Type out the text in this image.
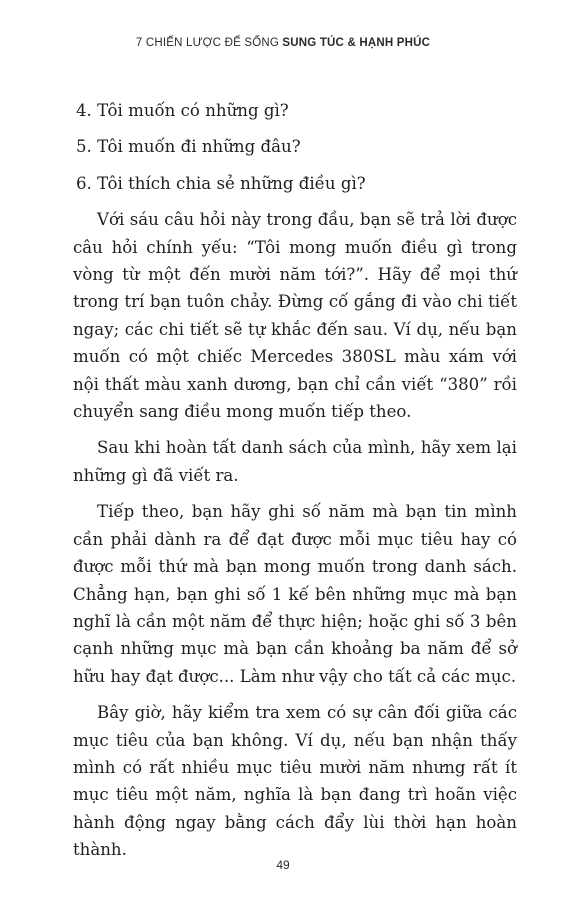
7 CHIẾN LƯỢC ĐỂ SỐNG SUNG TÚC & HẠNH PHÚC
4. Tôi muốn có những gì?
5. Tôi muốn đi những đâu?
6. Tôi thích chia sẻ những điều gì?

Với sáu câu hỏi này trong đầu, bạn sẽ trả lời được câu hỏi chính yếu: “Tôi mong muốn điều gì trong vòng từ một đến mười năm tới?”. Hãy để mọi thứ trong trí bạn tuôn chảy. Đừng cố gắng đi vào chi tiết ngay; các chi tiết sẽ tự khắc đến sau. Ví dụ, nếu bạn muốn có một chiếc Mercedes 380SL màu xám với nội thất màu xanh dương, bạn chỉ cần viết “380” rồi chuyển sang điều mong muốn tiếp theo.

Sau khi hoàn tất danh sách của mình, hãy xem lại những gì đã viết ra.

Tiếp theo, bạn hãy ghi số năm mà bạn tin mình cần phải dành ra để đạt được mỗi mục tiêu hay có được mỗi thứ mà bạn mong muốn trong danh sách. Chẳng hạn, bạn ghi số 1 kế bên những mục mà bạn nghĩ là cần một năm để thực hiện; hoặc ghi số 3 bên cạnh những mục mà bạn cần khoảng ba năm để sở hữu hay đạt được... Làm như vậy cho tất cả các mục.

Bây giờ, hãy kiểm tra xem có sự cân đối giữa các mục tiêu của bạn không. Ví dụ, nếu bạn nhận thấy mình có rất nhiều mục tiêu mười năm nhưng rất ít mục tiêu một năm, nghĩa là bạn đang trì hoãn việc hành động ngay bằng cách đẩy lùi thời hạn hoàn thành.

49
